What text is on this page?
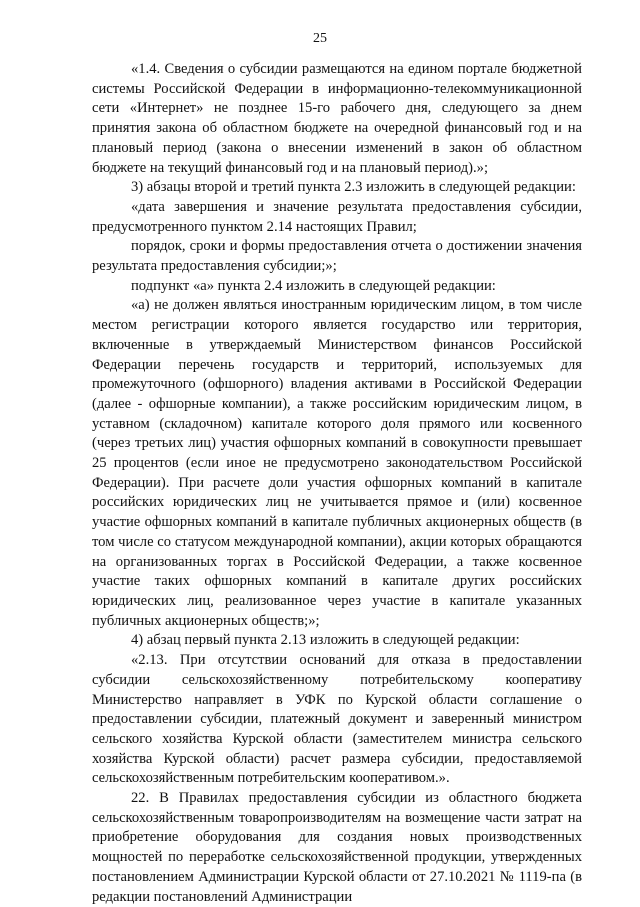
25

«1.4. Сведения о субсидии размещаются на едином портале бюджетной системы Российской Федерации в информационно-телекоммуникационной сети «Интернет» не позднее 15-го рабочего дня, следующего за днем принятия закона об областном бюджете на очередной финансовый год и на плановый период (закона о внесении изменений в закон об областном бюджете на текущий финансовый год и на плановый период).»;

3) абзацы второй и третий пункта 2.3 изложить в следующей редакции:

«дата завершения и значение результата предоставления субсидии, предусмотренного пунктом 2.14 настоящих Правил;

порядок, сроки и формы предоставления отчета о достижении значения результата предоставления субсидии;»;

подпункт «а» пункта 2.4 изложить в следующей редакции:

«а) не должен являться иностранным юридическим лицом, в том числе местом регистрации которого является государство или территория, включенные в утверждаемый Министерством финансов Российской Федерации перечень государств и территорий, используемых для промежуточного (офшорного) владения активами в Российской Федерации (далее - офшорные компании), а также российским юридическим лицом, в уставном (складочном) капитале которого доля прямого или косвенного (через третьих лиц) участия офшорных компаний в совокупности превышает 25 процентов (если иное не предусмотрено законодательством Российской Федерации). При расчете доли участия офшорных компаний в капитале российских юридических лиц не учитывается прямое и (или) косвенное участие офшорных компаний в капитале публичных акционерных обществ (в том числе со статусом международной компании), акции которых обращаются на организованных торгах в Российской Федерации, а также косвенное участие таких офшорных компаний в капитале других российских юридических лиц, реализованное через участие в капитале указанных публичных акционерных обществ;»;

4) абзац первый пункта 2.13 изложить в следующей редакции:

«2.13. При отсутствии оснований для отказа в предоставлении субсидии сельскохозяйственному потребительскому кооперативу Министерство направляет в УФК по Курской области соглашение о предоставлении субсидии, платежный документ и заверенный министром сельского хозяйства Курской области (заместителем министра сельского хозяйства Курской области) расчет размера субсидии, предоставляемой сельскохозяйственным потребительским кооперативом.».

22. В Правилах предоставления субсидии из областного бюджета сельскохозяйственным товаропроизводителям на возмещение части затрат на приобретение оборудования для создания новых производственных мощностей по переработке сельскохозяйственной продукции, утвержденных постановлением Администрации Курской области от 27.10.2021 № 1119-па (в редакции постановлений Администрации
